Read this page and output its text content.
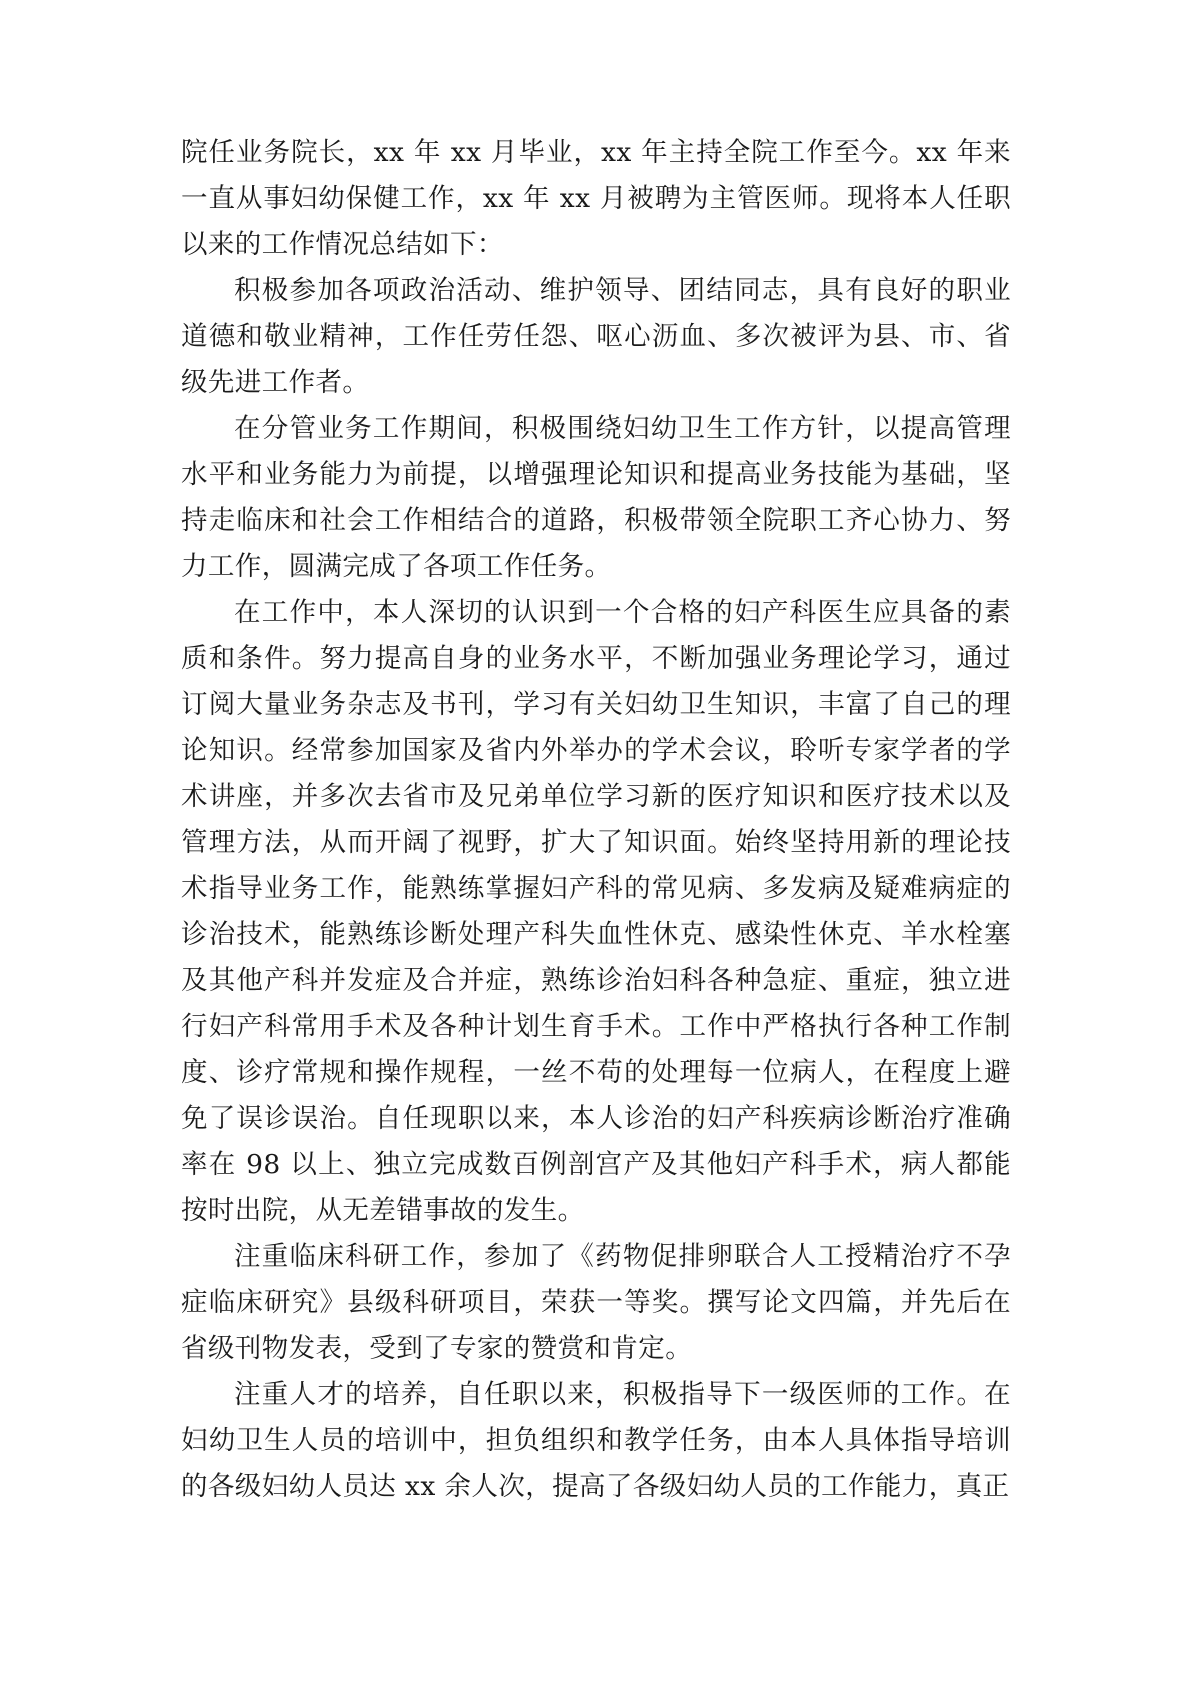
院任业务院长，xx 年 xx 月毕业，xx 年主持全院工作至今。xx 年来一直从事妇幼保健工作，xx 年 xx 月被聘为主管医师。现将本人任职以来的工作情况总结如下：

积极参加各项政治活动、维护领导、团结同志，具有良好的职业道德和敬业精神，工作任劳任怨、呕心沥血、多次被评为县、市、省级先进工作者。

在分管业务工作期间，积极围绕妇幼卫生工作方针，以提高管理水平和业务能力为前提，以增强理论知识和提高业务技能为基础，坚持走临床和社会工作相结合的道路，积极带领全院职工齐心协力、努力工作，圆满完成了各项工作任务。

在工作中，本人深切的认识到一个合格的妇产科医生应具备的素质和条件。努力提高自身的业务水平，不断加强业务理论学习，通过订阅大量业务杂志及书刊，学习有关妇幼卫生知识，丰富了自己的理论知识。经常参加国家及省内外举办的学术会议，聆听专家学者的学术讲座，并多次去省市及兄弟单位学习新的医疗知识和医疗技术以及管理方法，从而开阔了视野，扩大了知识面。始终坚持用新的理论技术指导业务工作，能熟练掌握妇产科的常见病、多发病及疑难病症的诊治技术，能熟练诊断处理产科失血性休克、感染性休克、羊水栓塞及其他产科并发症及合并症，熟练诊治妇科各种急症、重症，独立进行妇产科常用手术及各种计划生育手术。工作中严格执行各种工作制度、诊疗常规和操作规程，一丝不苟的处理每一位病人，在程度上避免了误诊误治。自任现职以来，本人诊治的妇产科疾病诊断治疗准确率在 98 以上、独立完成数百例剖宫产及其他妇产科手术，病人都能按时出院，从无差错事故的发生。

注重临床科研工作，参加了《药物促排卵联合人工授精治疗不孕症临床研究》县级科研项目，荣获一等奖。撰写论文四篇，并先后在省级刊物发表，受到了专家的赞赏和肯定。

注重人才的培养，自任职以来，积极指导下一级医师的工作。在妇幼卫生人员的培训中，担负组织和教学任务，由本人具体指导培训的各级妇幼人员达 xx 余人次，提高了各级妇幼人员的工作能力，真正
